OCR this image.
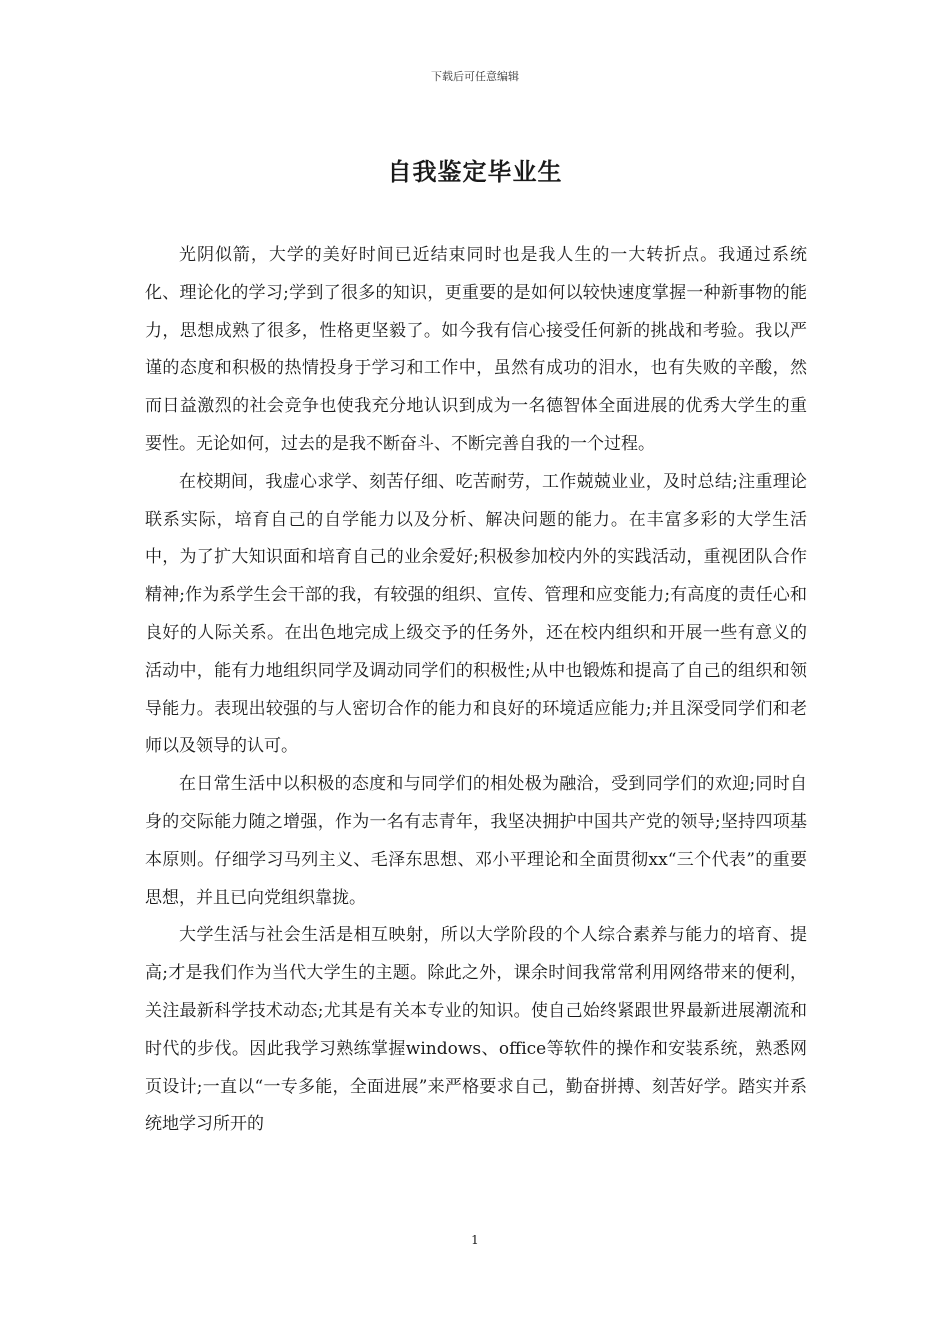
下载后可任意编辑
自我鉴定毕业生

光阴似箭，大学的美好时间已近结束同时也是我人生的一大转折点。我通过系统化、理论化的学习;学到了很多的知识，更重要的是如何以较快速度掌握一种新事物的能力，思想成熟了很多，性格更坚毅了。如今我有信心接受任何新的挑战和考验。我以严谨的态度和积极的热情投身于学习和工作中，虽然有成功的泪水，也有失败的辛酸，然而日益激烈的社会竞争也使我充分地认识到成为一名德智体全面进展的优秀大学生的重要性。无论如何，过去的是我不断奋斗、不断完善自我的一个过程。

在校期间，我虚心求学、刻苦仔细、吃苦耐劳，工作兢兢业业，及时总结;注重理论联系实际，培育自己的自学能力以及分析、解决问题的能力。在丰富多彩的大学生活中，为了扩大知识面和培育自己的业余爱好;积极参加校内外的实践活动，重视团队合作精神;作为系学生会干部的我，有较强的组织、宣传、管理和应变能力;有高度的责任心和良好的人际关系。在出色地完成上级交予的任务外，还在校内组织和开展一些有意义的活动中，能有力地组织同学及调动同学们的积极性;从中也锻炼和提高了自己的组织和领导能力。表现出较强的与人密切合作的能力和良好的环境适应能力;并且深受同学们和老师以及领导的认可。

在日常生活中以积极的态度和与同学们的相处极为融洽，受到同学们的欢迎;同时自身的交际能力随之增强，作为一名有志青年，我坚决拥护中国共产党的领导;坚持四项基本原则。仔细学习马列主义、毛泽东思想、邓小平理论和全面贯彻xx“三个代表”的重要思想，并且已向党组织靠拢。

大学生活与社会生活是相互映射，所以大学阶段的个人综合素养与能力的培育、提高;才是我们作为当代大学生的主题。除此之外，课余时间我常常利用网络带来的便利，关注最新科学技术动态;尤其是有关本专业的知识。使自己始终紧跟世界最新进展潮流和时代的步伐。因此我学习熟练掌握windows、office等软件的操作和安装系统，熟悉网页设计;一直以“一专多能，全面进展”来严格要求自己，勤奋拼搏、刻苦好学。踏实并系统地学习所开的

1
